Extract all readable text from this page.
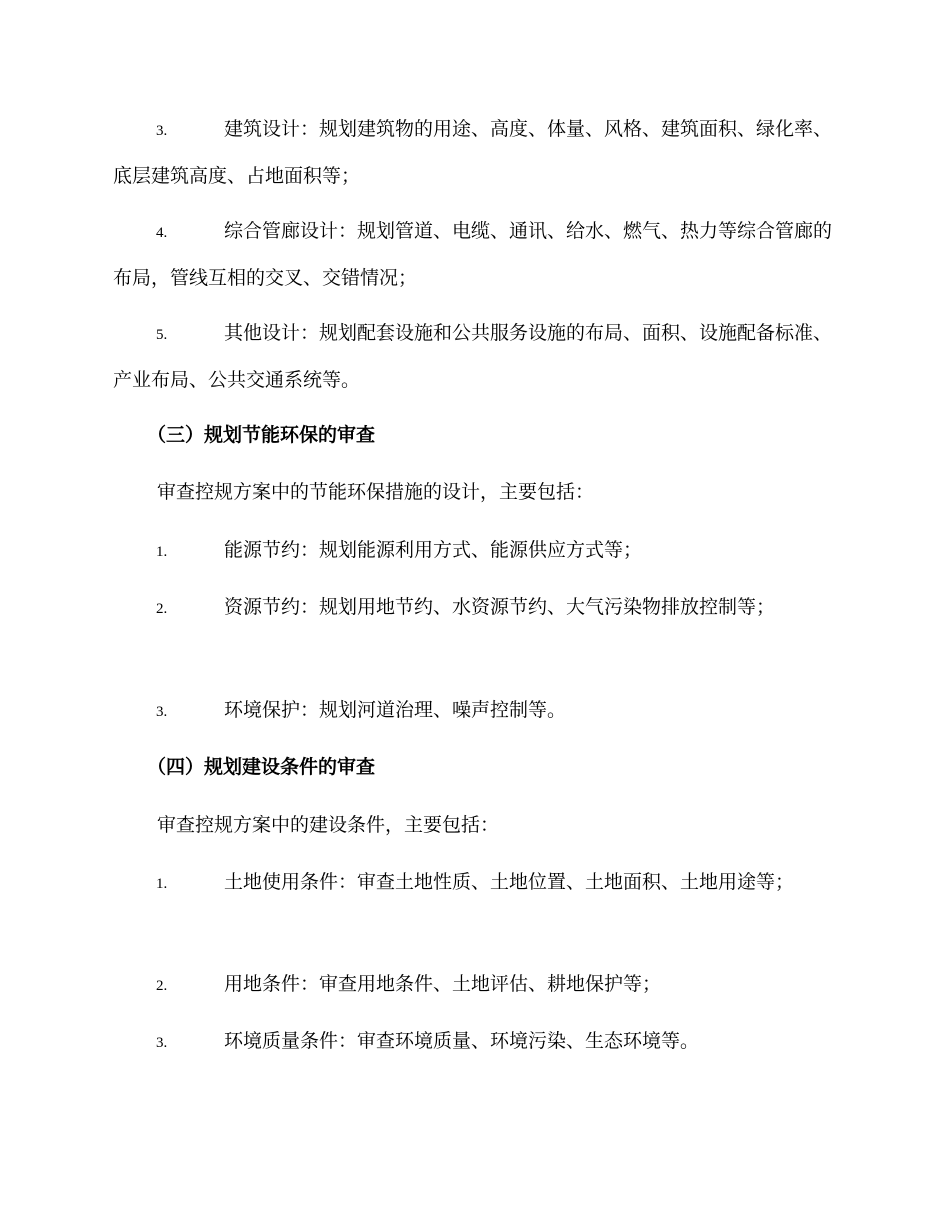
3.	建筑设计：规划建筑物的用途、高度、体量、风格、建筑面积、绿化率、底层建筑高度、占地面积等；

4.	综合管廊设计：规划管道、电缆、通讯、给水、燃气、热力等综合管廊的布局，管线互相的交叉、交错情况；

5.	其他设计：规划配套设施和公共服务设施的布局、面积、设施配备标准、产业布局、公共交通系统等。

（三）规划节能环保的审查

审查控规方案中的节能环保措施的设计，主要包括：

1.	能源节约：规划能源利用方式、能源供应方式等；

2.	资源节约：规划用地节约、水资源节约、大气污染物排放控制等；

3.	环境保护：规划河道治理、噪声控制等。

（四）规划建设条件的审查

审查控规方案中的建设条件，主要包括：

1.	土地使用条件：审查土地性质、土地位置、土地面积、土地用途等；

2.	用地条件：审查用地条件、土地评估、耕地保护等；

3.	环境质量条件：审查环境质量、环境污染、生态环境等。
